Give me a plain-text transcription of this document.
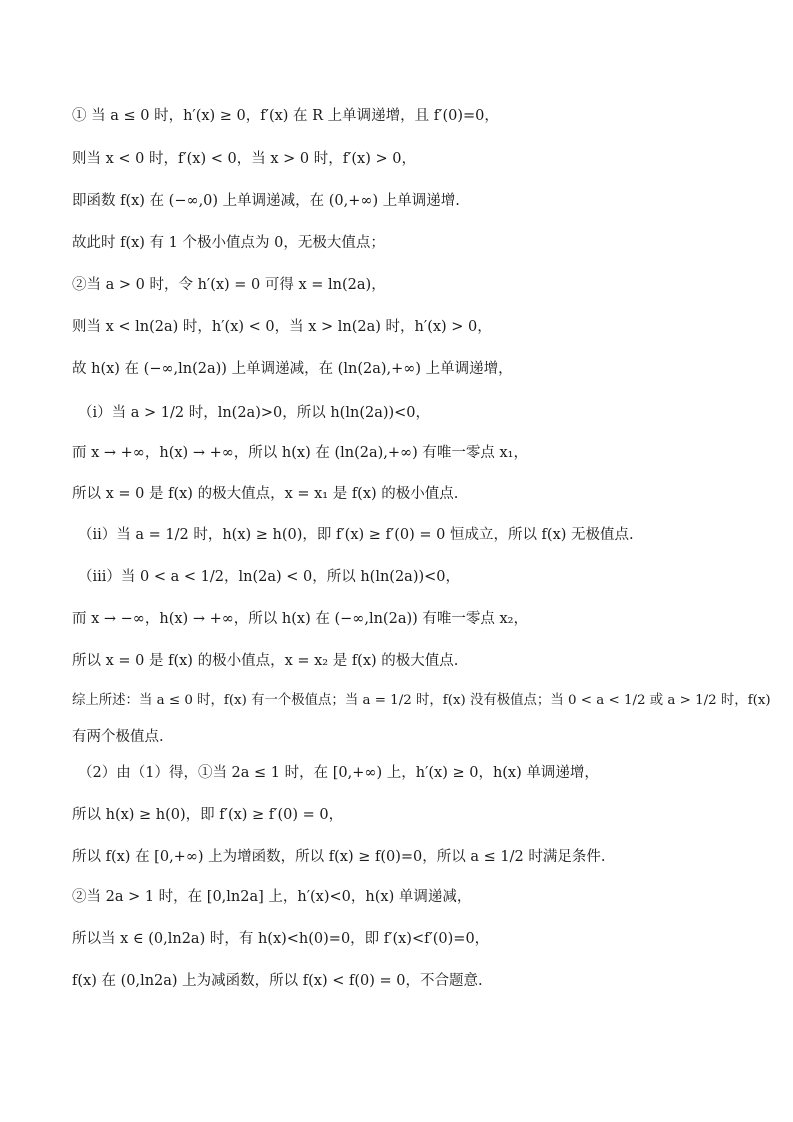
① 当 a ≤ 0 时，h′(x) ≥ 0，f′(x) 在 R 上单调递增，且 f′(0)=0，
则当 x < 0 时，f′(x) < 0，当 x > 0 时，f′(x) > 0，
即函数 f(x) 在 (−∞,0) 上单调递减，在 (0,+∞) 上单调递增.
故此时 f(x) 有 1 个极小值点为 0，无极大值点；
②当 a > 0 时，令 h′(x) = 0 可得 x = ln(2a)，
则当 x < ln(2a) 时，h′(x) < 0，当 x > ln(2a) 时，h′(x) > 0，
故 h(x) 在 (−∞,ln(2a)) 上单调递减，在 (ln(2a),+∞) 上单调递增，
（i）当 a > 1/2 时，ln(2a)>0，所以 h(ln(2a))<0，
而 x → +∞，h(x) → +∞，所以 h(x) 在 (ln(2a),+∞) 有唯一零点 x₁，
所以 x = 0 是 f(x) 的极大值点，x = x₁ 是 f(x) 的极小值点.
（ii）当 a = 1/2 时，h(x) ≥ h(0)，即 f′(x) ≥ f′(0) = 0 恒成立，所以 f(x) 无极值点.
（iii）当 0 < a < 1/2，ln(2a) < 0，所以 h(ln(2a))<0，
而 x → −∞，h(x) → +∞，所以 h(x) 在 (−∞,ln(2a)) 有唯一零点 x₂，
所以 x = 0 是 f(x) 的极小值点，x = x₂ 是 f(x) 的极大值点.
综上所述：当 a ≤ 0 时，f(x) 有一个极值点；当 a = 1/2 时，f(x) 没有极值点；当 0 < a < 1/2 或 a > 1/2 时，f(x)
有两个极值点.
（2）由（1）得，①当 2a ≤ 1 时，在 [0,+∞) 上，h′(x) ≥ 0，h(x) 单调递增，
所以 h(x) ≥ h(0)，即 f′(x) ≥ f′(0) = 0，
所以 f(x) 在 [0,+∞) 上为增函数，所以 f(x) ≥ f(0)=0，所以 a ≤ 1/2 时满足条件.
②当 2a > 1 时，在 [0,ln2a] 上，h′(x)<0，h(x) 单调递减，
所以当 x ∈ (0,ln2a) 时，有 h(x)<h(0)=0，即 f′(x)<f′(0)=0，
f(x) 在 (0,ln2a) 上为减函数，所以 f(x) < f(0) = 0，不合题意.
